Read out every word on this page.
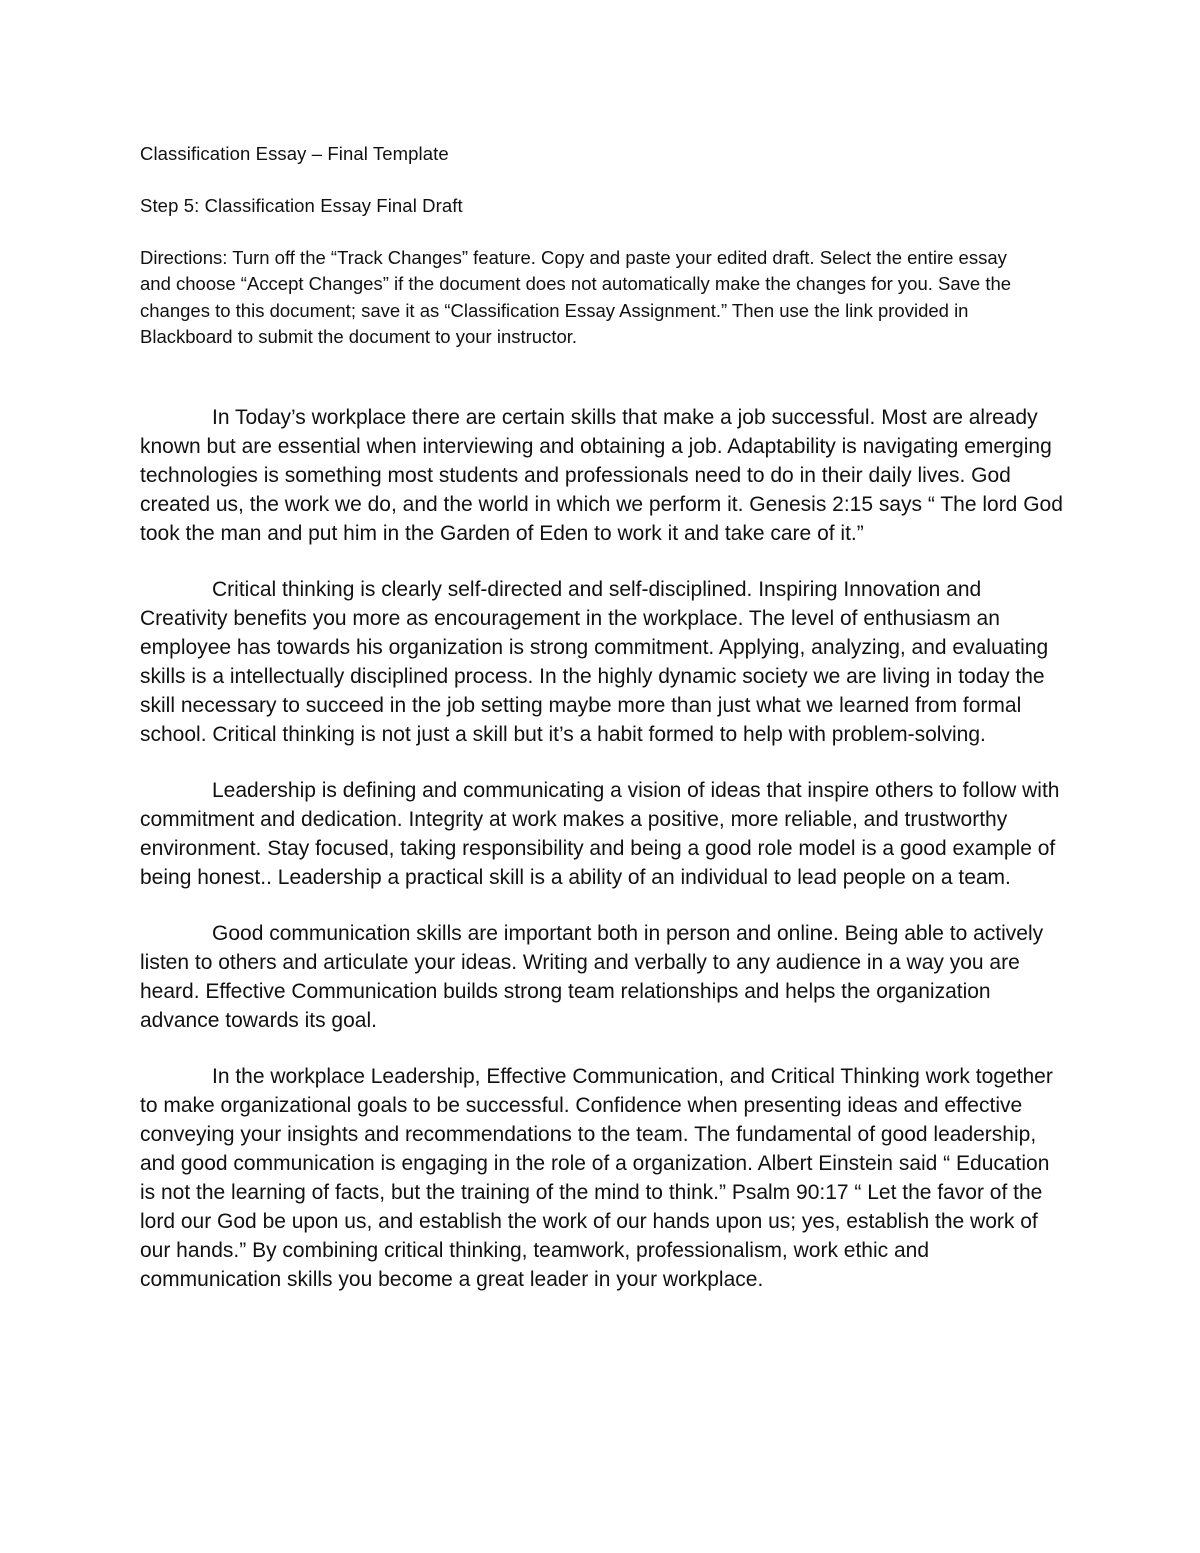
Classification Essay – Final Template

Step 5: Classification Essay Final Draft

Directions: Turn off the “Track Changes” feature. Copy and paste your edited draft. Select the entire essay and choose “Accept Changes” if the document does not automatically make the changes for you. Save the changes to this document; save it as “Classification Essay Assignment.” Then use the link provided in Blackboard to submit the document to your instructor.

In Today’s workplace there are certain skills that make a job successful. Most are already known but are essential when interviewing and obtaining a job. Adaptability is navigating emerging technologies is something most students and professionals need to do in their daily lives. God created us, the work we do, and the world in which we perform it. Genesis 2:15 says “ The lord God took the man and put him in the Garden of Eden to work it and take care of it.”

Critical thinking is clearly self-directed and self-disciplined. Inspiring Innovation and Creativity benefits you more as encouragement in the workplace. The level of enthusiasm an employee has towards his organization is strong commitment. Applying, analyzing, and evaluating skills is a intellectually disciplined process. In the highly dynamic society we are living in today the skill necessary to succeed in the job setting maybe more than just what we learned from formal school. Critical thinking is not just a skill but it’s a habit formed to help with problem-solving.

Leadership is defining and communicating a vision of ideas that inspire others to follow with commitment and dedication. Integrity at work makes a positive, more reliable, and trustworthy environment. Stay focused, taking responsibility and being a good role model is a good example of being honest.. Leadership a practical skill is a ability of an individual to lead people on a team.

Good communication skills are important both in person and online. Being able to actively listen to others and articulate your ideas. Writing and verbally to any audience in a way you are heard. Effective Communication builds strong team relationships and helps the organization advance towards its goal.

In the workplace Leadership, Effective Communication, and Critical Thinking work together to make organizational goals to be successful. Confidence when presenting ideas and effective conveying your insights and recommendations to the team. The fundamental of good leadership, and good communication is engaging in the role of a organization. Albert Einstein said “ Education is not the learning of facts, but the training of the mind to think.” Psalm 90:17 “ Let the favor of the lord our God be upon us, and establish the work of our hands upon us; yes, establish the work of our hands.” By combining critical thinking, teamwork, professionalism, work ethic and communication skills you become a great leader in your workplace.
